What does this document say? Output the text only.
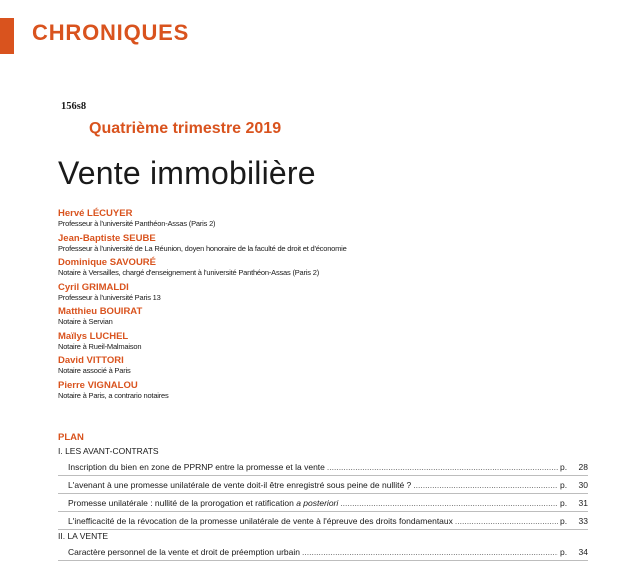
CHRONIQUES
156s8
Quatrième trimestre 2019
Vente immobilière
Hervé LÉCUYER
Professeur à l'université Panthéon-Assas (Paris 2)
Jean-Baptiste SEUBE
Professeur à l'université de La Réunion, doyen honoraire de la faculté de droit et d'économie
Dominique SAVOURÉ
Notaire à Versailles, chargé d'enseignement à l'université Panthéon-Assas (Paris 2)
Cyril GRIMALDI
Professeur à l'université Paris 13
Matthieu BOUIRAT
Notaire à Servian
Maïlys LUCHEL
Notaire à Rueil-Malmaison
David VITTORI
Notaire associé à Paris
Pierre VIGNALOU
Notaire à Paris, a contrario notaires
PLAN
I. LES AVANT-CONTRATS
Inscription du bien en zone de PPRNP entre la promesse et la vente .....	p.	28
L'avenant à une promesse unilatérale de vente doit-il être enregistré sous peine de nullité ? .....	p.	30
Promesse unilatérale : nullité de la prorogation et ratification a posteriori .....	p.	31
L'inefficacité de la révocation de la promesse unilatérale de vente à l'épreuve des droits fondamentaux .....	p.	33
II. LA VENTE
Caractère personnel de la vente et droit de préemption urbain .....	p.	34
